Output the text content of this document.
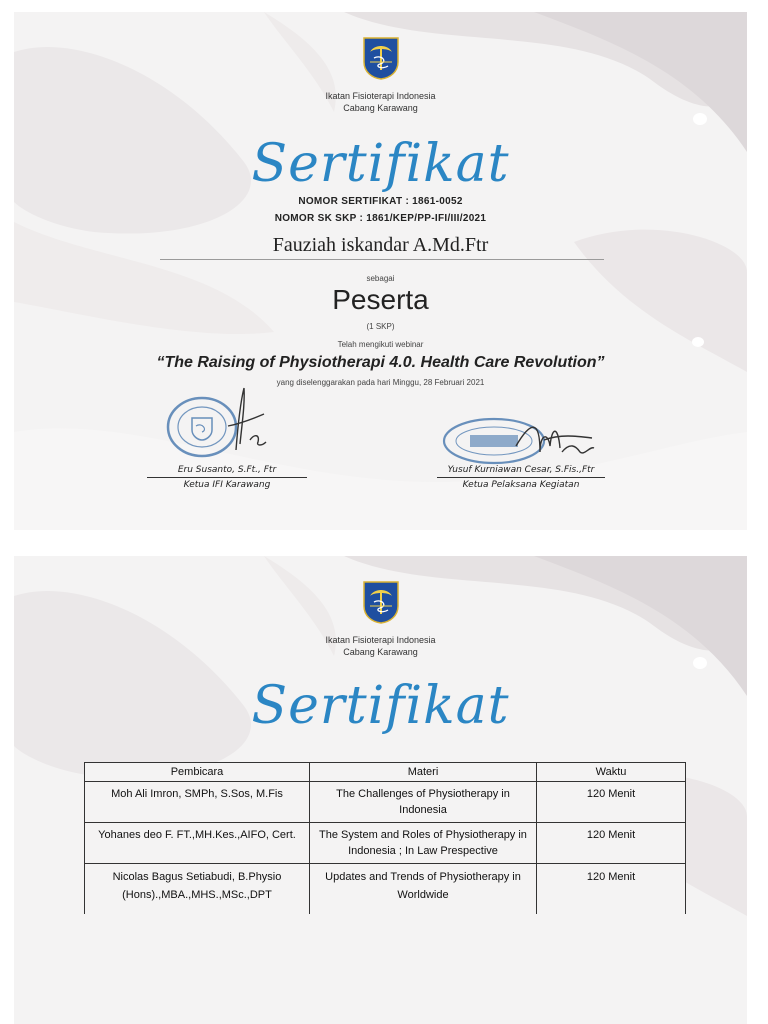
Ikatan Fisioterapi Indonesia
Cabang Karawang
Sertifikat
NOMOR SERTIFIKAT : 1861-0052
NOMOR SK SKP : 1861/KEP/PP-IFI/III/2021
Fauziah iskandar A.Md.Ftr
sebagai
Peserta
(1 SKP)
Telah mengikuti webinar
“The Raising of Physiotherapi 4.0. Health Care Revolution”
yang diselenggarakan pada hari Minggu, 28 Februari 2021
Eru Susanto, S.Ft., Ftr
Ketua IFI Karawang
Yusuf Kurniawan Cesar, S.Fis.,Ftr
Ketua Pelaksana Kegiatan
Ikatan Fisioterapi Indonesia
Cabang Karawang
Sertifikat
Pembicara	Materi	Waktu
Moh Ali Imron, SMPh, S.Sos, M.Fis	The Challenges of Physiotherapy in Indonesia	120 Menit
Yohanes deo F. FT.,MH.Kes.,AIFO, Cert.	The System and Roles of Physiotherapy in Indonesia ; In Law Prespective	120 Menit
Nicolas Bagus Setiabudi, B.Physio (Hons).,MBA.,MHS.,MSc.,DPT	Updates and Trends of Physiotherapy in Worldwide	120 Menit
